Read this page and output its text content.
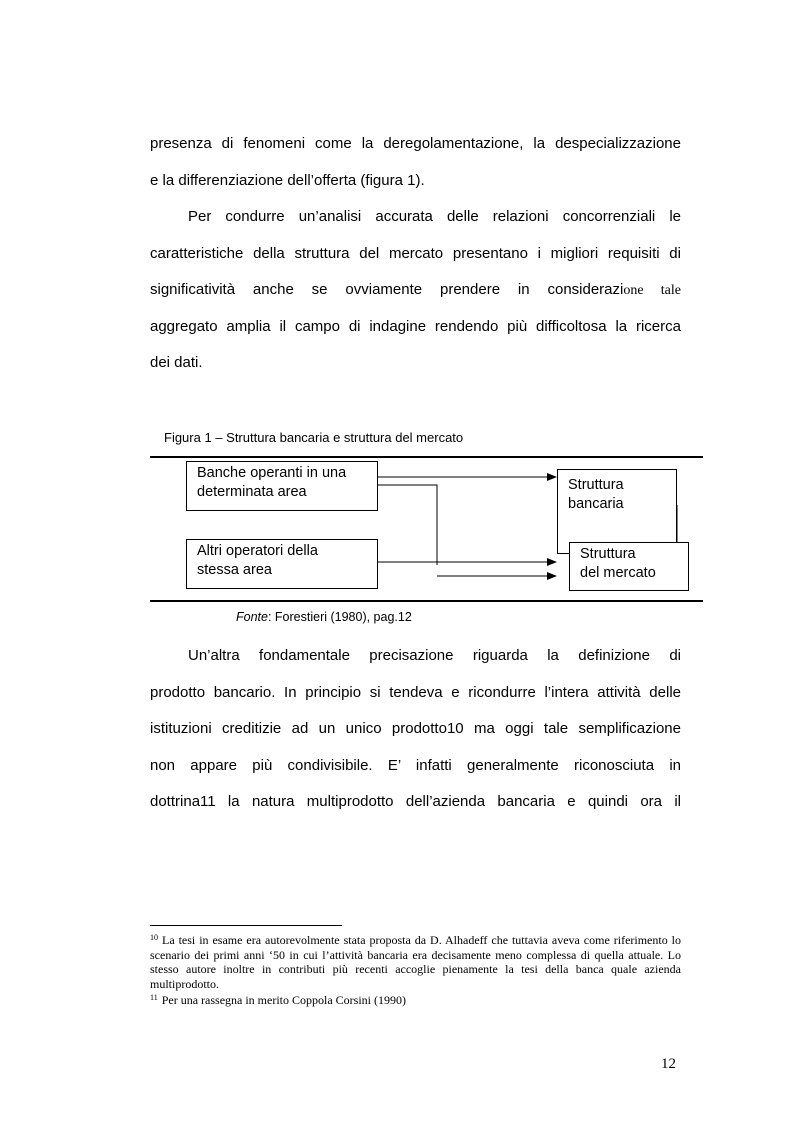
presenza di fenomeni come la deregolamentazione, la despecializzazione
e la differenziazione dell’offerta (figura 1).
Per condurre un’analisi accurata delle relazioni concorrenziali le
caratteristiche della struttura del mercato presentano i migliori requisiti di
significatività anche se ovviamente prendere in considerazione tale
aggregato amplia il campo di indagine rendendo più difficoltosa la ricerca
dei dati.
Figura 1 – Struttura bancaria e struttura del mercato
Banche operanti in una
determinata area
Altri operatori della
stessa area
Struttura
bancaria
Struttura
del mercato
Fonte: Forestieri (1980), pag.12
Un’altra fondamentale precisazione riguarda la definizione di
prodotto bancario. In principio si tendeva e ricondurre l’intera attività delle
istituzioni creditizie ad un unico prodotto10 ma oggi tale semplificazione
non appare più condivisibile. E’ infatti generalmente riconosciuta in
dottrina11 la natura multiprodotto dell’azienda bancaria e quindi ora il
$^{10}$ La tesi in esame era autorevolmente stata proposta da D. Alhadeff che tuttavia aveva come riferimento lo scenario dei primi anni ‘50 in cui l’attività bancaria era decisamente meno complessa di quella attuale. Lo stesso autore inoltre in contributi più recenti accoglie pienamente la tesi della banca quale azienda multiprodotto.
$^{11}$ Per una rassegna in merito Coppola Corsini (1990)
12
